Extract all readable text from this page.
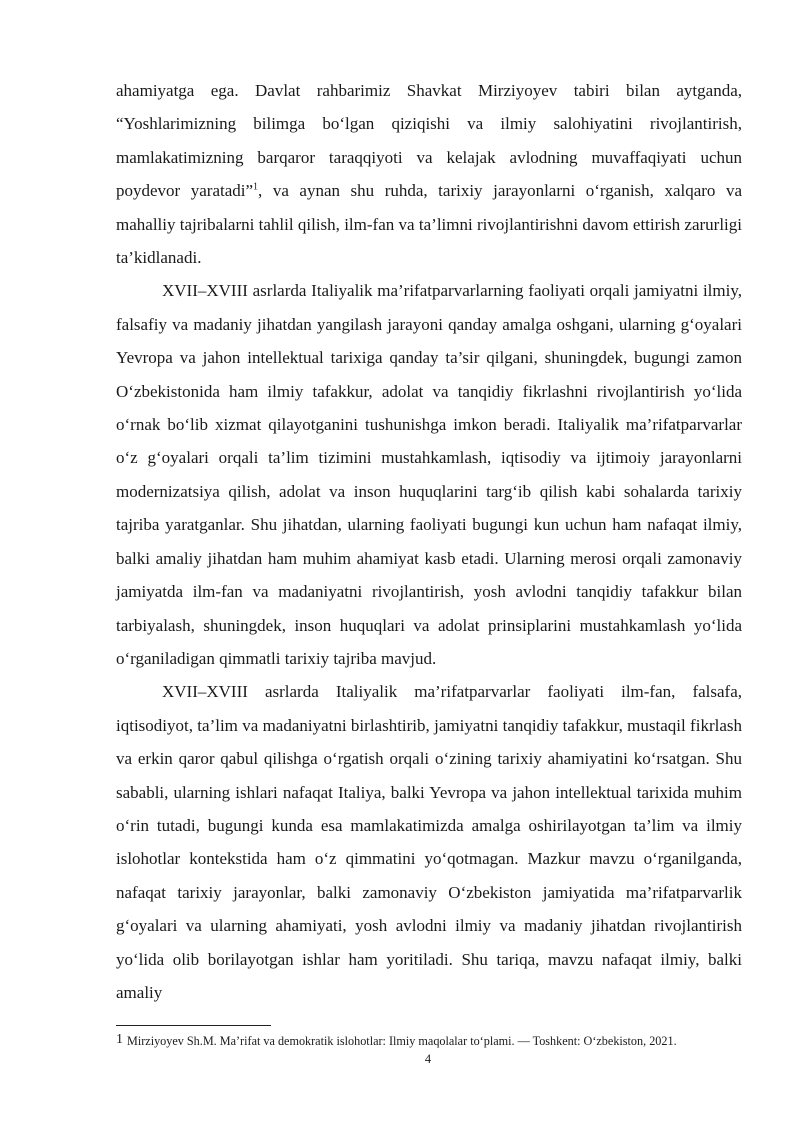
ahamiyatga ega. Davlat rahbarimiz Shavkat Mirziyoyev tabiri bilan aytganda, “Yoshlarimizning bilimga bo‘lgan qiziqishi va ilmiy salohiyatini rivojlantirish, mamlakatimizning barqaror taraqqiyoti va kelajak avlodning muvaffaqiyati uchun poydevor yaratadi”$^1$, va aynan shu ruhda, tarixiy jarayonlarni o‘rganish, xalqaro va mahalliy tajribalarni tahlil qilish, ilm-fan va ta’limni rivojlantirishni davom ettirish zarurligi ta’kidlanadi.

XVII–XVIII asrlarda Italiyalik ma’rifatparvarlarning faoliyati orqali jamiyatni ilmiy, falsafiy va madaniy jihatdan yangilash jarayoni qanday amalga oshgani, ularning g‘oyalari Yevropa va jahon intellektual tarixiga qanday ta’sir qilgani, shuningdek, bugungi zamon O‘zbekistonida ham ilmiy tafakkur, adolat va tanqidiy fikrlashni rivojlantirish yo‘lida o‘rnak bo‘lib xizmat qilayotganini tushunishga imkon beradi. Italiyalik ma’rifatparvarlar o‘z g‘oyalari orqali ta’lim tizimini mustahkamlash, iqtisodiy va ijtimoiy jarayonlarni modernizatsiya qilish, adolat va inson huquqlarini targ‘ib qilish kabi sohalarda tarixiy tajriba yaratganlar. Shu jihatdan, ularning faoliyati bugungi kun uchun ham nafaqat ilmiy, balki amaliy jihatdan ham muhim ahamiyat kasb etadi. Ularning merosi orqali zamonaviy jamiyatda ilm-fan va madaniyatni rivojlantirish, yosh avlodni tanqidiy tafakkur bilan tarbiyalash, shuningdek, inson huquqlari va adolat prinsiplarini mustahkamlash yo‘lida o‘rganiladigan qimmatli tarixiy tajriba mavjud.

XVII–XVIII asrlarda Italiyalik ma’rifatparvarlar faoliyati ilm-fan, falsafa, iqtisodiyot, ta’lim va madaniyatni birlashtirib, jamiyatni tanqidiy tafakkur, mustaqil fikrlash va erkin qaror qabul qilishga o‘rgatish orqali o‘zining tarixiy ahamiyatini ko‘rsatgan. Shu sababli, ularning ishlari nafaqat Italiya, balki Yevropa va jahon intellektual tarixida muhim o‘rin tutadi, bugungi kunda esa mamlakatimizda amalga oshirilayotgan ta’lim va ilmiy islohotlar kontekstida ham o‘z qimmatini yo‘qotmagan. Mazkur mavzu o‘rganilganda, nafaqat tarixiy jarayonlar, balki zamonaviy O‘zbekiston jamiyatida ma’rifatparvarlik g‘oyalari va ularning ahamiyati, yosh avlodni ilmiy va madaniy jihatdan rivojlantirish yo‘lida olib borilayotgan ishlar ham yoritiladi. Shu tariqa, mavzu nafaqat ilmiy, balki amaliy

1 Mirziyoyev Sh.M. Ma’rifat va demokratik islohotlar: Ilmiy maqolalar to‘plami. — Toshkent: O‘zbekiston, 2021.
4
